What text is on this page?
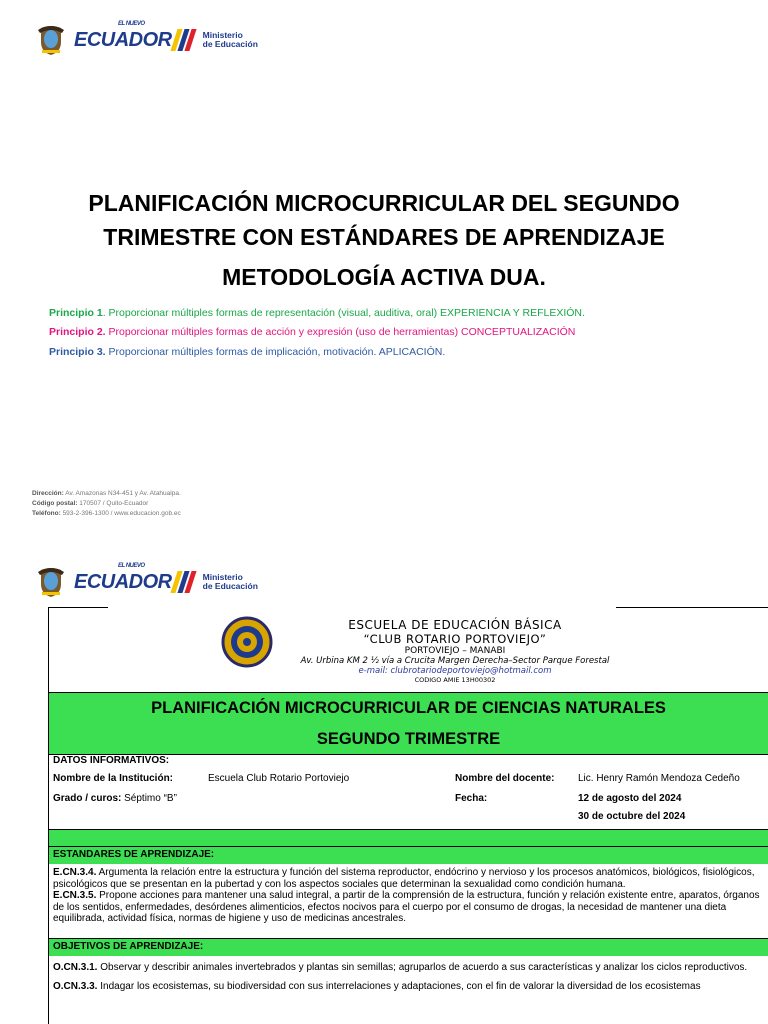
EL NUEVO
ECUADOR	Ministerio
de Educación
PLANIFICACIÓN MICROCURRICULAR DEL SEGUNDO
TRIMESTRE CON ESTÁNDARES DE APRENDIZAJE
METODOLOGÍA ACTIVA DUA.
Principio 1. Proporcionar múltiples formas de representación (visual, auditiva, oral) EXPERIENCIA Y REFLEXIÓN.
Principio 2. Proporcionar múltiples formas de acción y expresión (uso de herramientas) CONCEPTUALIZACIÓN
Principio 3. Proporcionar múltiples formas de implicación, motivación. APLICACIÓN.
Dirección: Av. Amazonas N34-451 y Av. Atahualpa.
Código postal: 170507 / Quito-Ecuador
Teléfono: 593-2-396-1300 / www.educacion.gob.ec
EL NUEVO
ECUADOR	Ministerio
de Educación
ESCUELA DE EDUCACIÓN BÁSICA
“CLUB ROTARIO PORTOVIEJO”
PORTOVIEJO – MANABI
Av. Urbina KM 2 ½ vía a Crucita Margen Derecha–Sector Parque Forestal
e-mail: clubrotariodeportoviejo@hotmail.com
CODIGO AMIE 13H00302
PLANIFICACIÓN MICROCURRICULAR DE CIENCIAS NATURALES
SEGUNDO TRIMESTRE
DATOS INFORMATIVOS:
Nombre de la Institución:	Escuela Club Rotario Portoviejo	Nombre del docente: Lic. Henry Ramón Mendoza Cedeño
Grado / curos: Séptimo “B”	Fecha:	12 de agosto del 2024
30 de octubre del 2024
ESTANDARES DE APRENDIZAJE:
E.CN.3.4. Argumenta la relación entre la estructura y función del sistema reproductor, endócrino y nervioso y los procesos anatómicos, biológicos, fisiológicos, psicológicos que se presentan en la pubertad y con los aspectos sociales que determinan la sexualidad como condición humana.
E.CN.3.5. Propone acciones para mantener una salud integral, a partir de la comprensión de la estructura, función y relación existente entre, aparatos, órganos de los sentidos, enfermedades, desórdenes alimenticios, efectos nocivos para el cuerpo por el consumo de drogas, la necesidad de mantener una dieta equilibrada, actividad física, normas de higiene y uso de medicinas ancestrales.
OBJETIVOS DE APRENDIZAJE:
O.CN.3.1. Observar y describir animales invertebrados y plantas sin semillas; agruparlos de acuerdo a sus características y analizar los ciclos reproductivos.
O.CN.3.3. Indagar los ecosistemas, su biodiversidad con sus interrelaciones y adaptaciones, con el fin de valorar la diversidad de los ecosistemas
